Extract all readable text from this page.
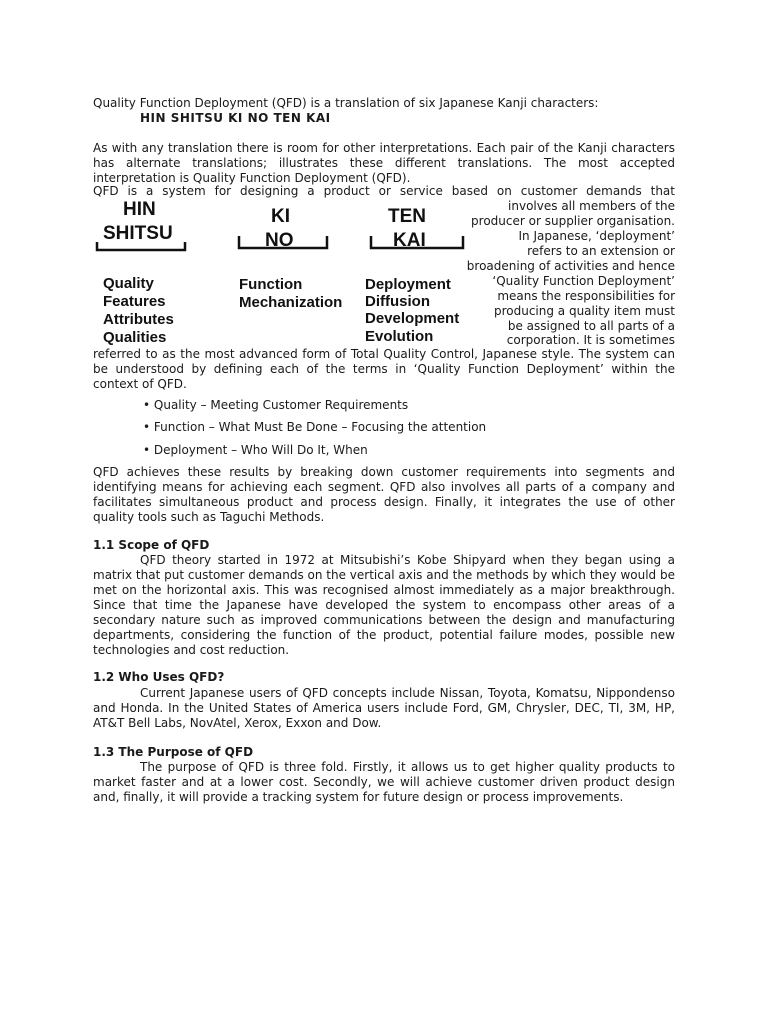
Quality Function Deployment (QFD) is a translation of six Japanese Kanji characters:
HIN SHITSU KI NO TEN KAI
As with any translation there is room for other interpretations. Each pair of the Kanji characters has alternate translations; illustrates these different translations. The most accepted interpretation is Quality Function Deployment (QFD).
QFD is a system for designing a product or service based on customer demands that
HIN
SHITSU
Quality
Features
Attributes
Qualities
KI
NO
Function
Mechanization
TEN
KAI
Deployment
Diffusion
Development
Evolution
involves all members of the
producer or supplier organisation.
In Japanese, ‘deployment’
refers to an extension or
broadening of activities and hence
‘Quality Function Deployment’
means the responsibilities for
producing a quality item must
be assigned to all parts of a
corporation. It is sometimes
referred to as the most advanced form of Total Quality Control, Japanese style. The system can be understood by defining each of the terms in ‘Quality Function Deployment’ within the context of QFD.
• Quality – Meeting Customer Requirements
• Function – What Must Be Done – Focusing the attention
• Deployment – Who Will Do It, When
QFD achieves these results by breaking down customer requirements into segments and identifying means for achieving each segment. QFD also involves all parts of a company and facilitates simultaneous product and process design. Finally, it integrates the use of other quality tools such as Taguchi Methods.
1.1 Scope of QFD
QFD theory started in 1972 at Mitsubishi’s Kobe Shipyard when they began using a matrix that put customer demands on the vertical axis and the methods by which they would be met on the horizontal axis. This was recognised almost immediately as a major breakthrough. Since that time the Japanese have developed the system to encompass other areas of a secondary nature such as improved communications between the design and manufacturing departments, considering the function of the product, potential failure modes, possible new technologies and cost reduction.
1.2 Who Uses QFD?
Current Japanese users of QFD concepts include Nissan, Toyota, Komatsu, Nippondenso and Honda. In the United States of America users include Ford, GM, Chrysler, DEC, TI, 3M, HP, AT&T Bell Labs, NovAtel, Xerox, Exxon and Dow.
1.3 The Purpose of QFD
The purpose of QFD is three fold. Firstly, it allows us to get higher quality products to market faster and at a lower cost. Secondly, we will achieve customer driven product design and, finally, it will provide a tracking system for future design or process improvements.
